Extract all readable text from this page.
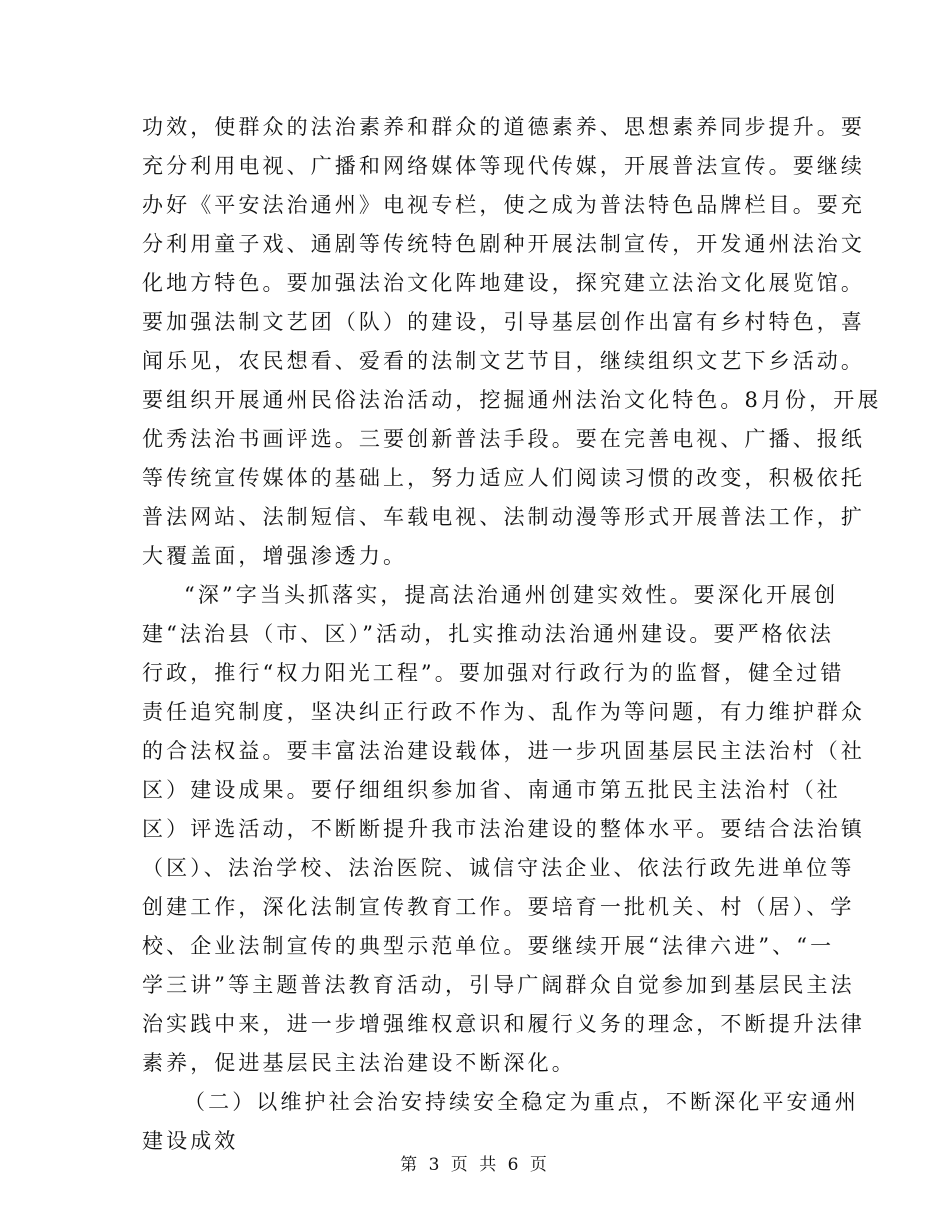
功效，使群众的法治素养和群众的道德素养、思想素养同步提升。要
充分利用电视、广播和网络媒体等现代传媒，开展普法宣传。要继续
办好《平安法治通州》电视专栏，使之成为普法特色品牌栏目。要充
分利用童子戏、通剧等传统特色剧种开展法制宣传，开发通州法治文
化地方特色。要加强法治文化阵地建设，探究建立法治文化展览馆。
要加强法制文艺团（队）的建设，引导基层创作出富有乡村特色，喜
闻乐见，农民想看、爱看的法制文艺节目，继续组织文艺下乡活动。
要组织开展通州民俗法治活动，挖掘通州法治文化特色。8月份，开展
优秀法治书画评选。三要创新普法手段。要在完善电视、广播、报纸
等传统宣传媒体的基础上，努力适应人们阅读习惯的改变，积极依托
普法网站、法制短信、车载电视、法制动漫等形式开展普法工作，扩
大覆盖面，增强渗透力。
“深”字当头抓落实，提高法治通州创建实效性。要深化开展创
建“法治县（市、区）”活动，扎实推动法治通州建设。要严格依法
行政，推行“权力阳光工程”。要加强对行政行为的监督，健全过错
责任追究制度，坚决纠正行政不作为、乱作为等问题，有力维护群众
的合法权益。要丰富法治建设载体，进一步巩固基层民主法治村（社
区）建设成果。要仔细组织参加省、南通市第五批民主法治村（社
区）评选活动，不断断提升我市法治建设的整体水平。要结合法治镇
（区）、法治学校、法治医院、诚信守法企业、依法行政先进单位等
创建工作，深化法制宣传教育工作。要培育一批机关、村（居）、学
校、企业法制宣传的典型示范单位。要继续开展“法律六进”、“一
学三讲”等主题普法教育活动，引导广阔群众自觉参加到基层民主法
治实践中来，进一步增强维权意识和履行义务的理念，不断提升法律
素养，促进基层民主法治建设不断深化。
（二）以维护社会治安持续安全稳定为重点，不断深化平安通州
建设成效
第 3 页 共 6 页
